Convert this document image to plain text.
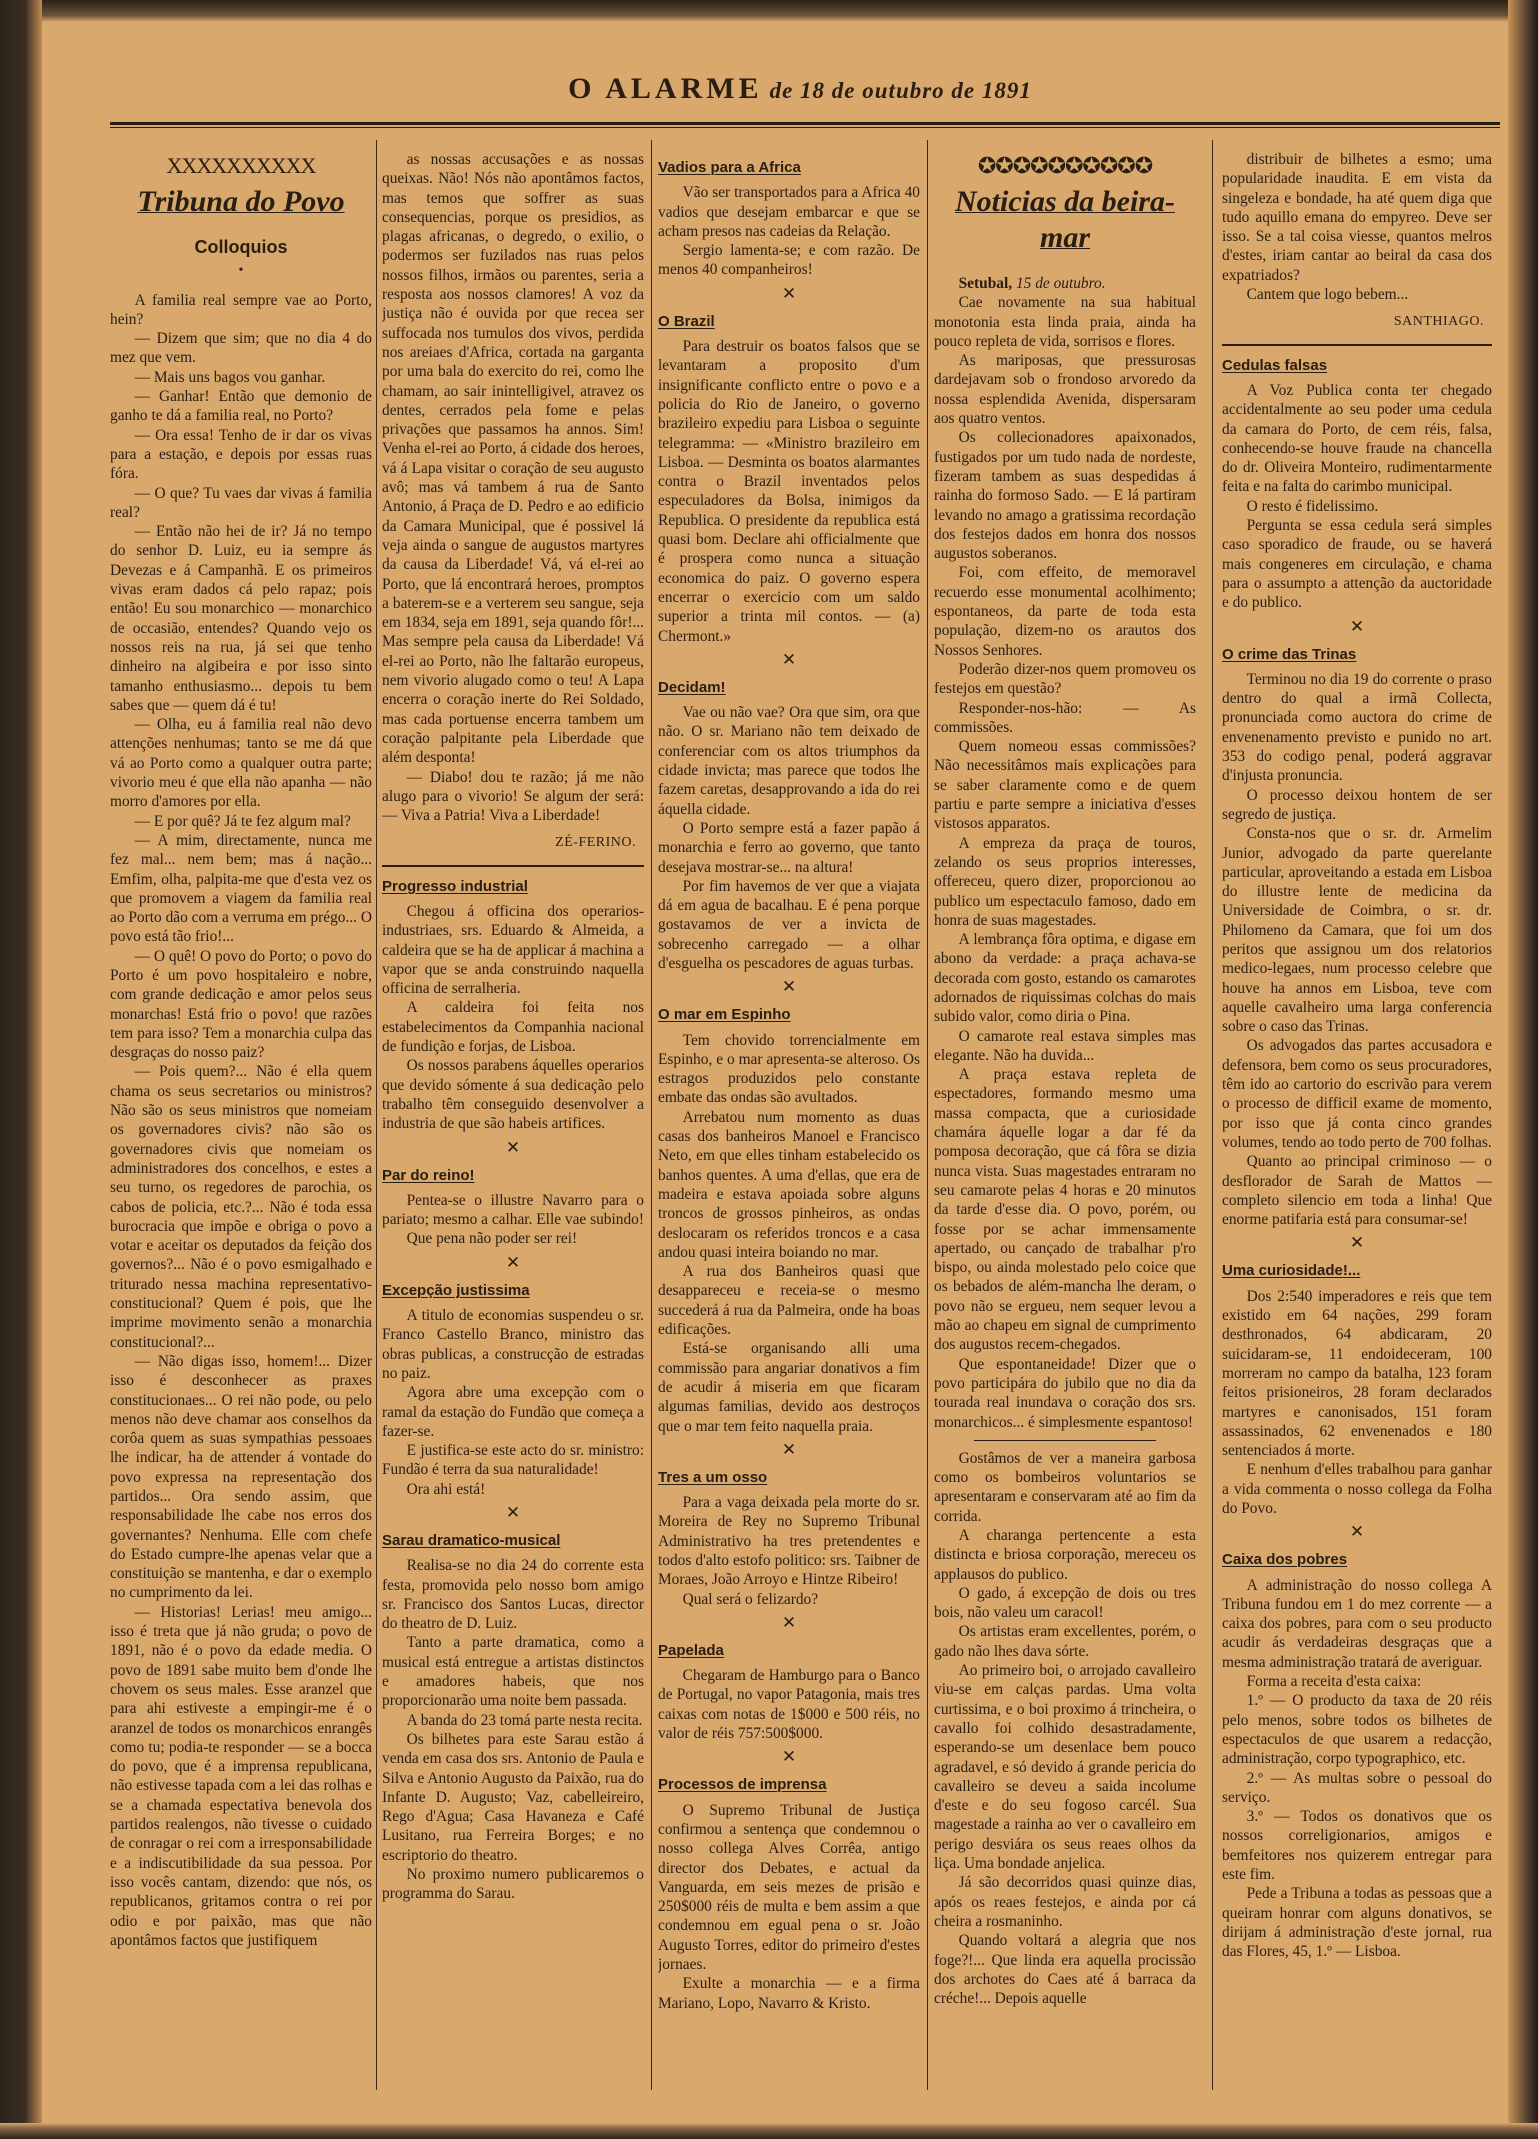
O ALARME de 18 de outubro de 1891
XXXXXXXXXX
Tribuna do Povo
Colloquios
•

A familia real sempre vae ao Porto, hein?

— Dizem que sim; que no dia 4 do mez que vem.

— Mais uns bagos vou ganhar.

— Ganhar! Então que demonio de ganho te dá a familia real, no Porto?

— Ora essa! Tenho de ir dar os vivas para a estação, e depois por essas ruas fóra.

— O que? Tu vaes dar vivas á familia real?

— Então não hei de ir? Já no tempo do senhor D. Luiz, eu ia sempre ás Devezas e á Campanhã. E os primeiros vivas eram dados cá pelo rapaz; pois então! Eu sou monarchico — monarchico de occasião, entendes? Quando vejo os nossos reis na rua, já sei que tenho dinheiro na algibeira e por isso sinto tamanho enthusiasmo... depois tu bem sabes que — quem dá é tu!

— Olha, eu á familia real não devo attenções nenhumas; tanto se me dá que vá ao Porto como a qualquer outra parte; vivorio meu é que ella não apanha — não morro d'amores por ella.

— E por quê? Já te fez algum mal?

— A mim, directamente, nunca me fez mal... nem bem; mas á nação... Emfim, olha, palpita-me que d'esta vez os que promovem a viagem da familia real ao Porto dão com a verruma em prégo... O povo está tão frio!...

— O quê! O povo do Porto; o povo do Porto é um povo hospitaleiro e nobre, com grande dedicação e amor pelos seus monarchas! Está frio o povo! que razões tem para isso? Tem a monarchia culpa das desgraças do nosso paiz?

— Pois quem?... Não é ella quem chama os seus secretarios ou ministros? Não são os seus ministros que nomeiam os governadores civis? não são os governadores civis que nomeiam os administradores dos concelhos, e estes a seu turno, os regedores de parochia, os cabos de policia, etc.?... Não é toda essa burocracia que impõe e obriga o povo a votar e aceitar os deputados da feição dos governos?... Não é o povo esmigalhado e triturado nessa machina representativo-constitucional? Quem é pois, que lhe imprime movimento senão a monarchia constitucional?...

— Não digas isso, homem!... Dizer isso é desconhecer as praxes constitucionaes... O rei não pode, ou pelo menos não deve chamar aos conselhos da corôa quem as suas sympathias pessoaes lhe indicar, ha de attender á vontade do povo expressa na representação dos partidos... Ora sendo assim, que responsabilidade lhe cabe nos erros dos governantes? Nenhuma. Elle com chefe do Estado cumpre-lhe apenas velar que a constituição se mantenha, e dar o exemplo no cumprimento da lei.

— Historias! Lerias! meu amigo... isso é treta que já não gruda; o povo de 1891, não é o povo da edade media. O povo de 1891 sabe muito bem d'onde lhe chovem os seus males. Esse aranzel que para ahi estiveste a empingir-me é o aranzel de todos os monarchicos enrangês como tu; podia-te responder — se a bocca do povo, que é a imprensa republicana, não estivesse tapada com a lei das rolhas e se a chamada espectativa benevola dos partidos realengos, não tivesse o cuidado de conragar o rei com a irresponsabilidade e a indiscutibilidade da sua pessoa. Por isso vocês cantam, dizendo: que nós, os republicanos, gritamos contra o rei por odio e por paixão, mas que não apontâmos factos que justifiquem

as nossas accusações e as nossas queixas. Não! Nós não apontâmos factos, mas temos que soffrer as suas consequencias, porque os presidios, as plagas africanas, o degredo, o exilio, o podermos ser fuzilados nas ruas pelos nossos filhos, irmãos ou parentes, seria a resposta aos nossos clamores! A voz da justiça não é ouvida por que recea ser suffocada nos tumulos dos vivos, perdida nos areiaes d'Africa, cortada na garganta por uma bala do exercito do rei, como lhe chamam, ao sair inintelligivel, atravez os dentes, cerrados pela fome e pelas privações que passamos ha annos. Sim! Venha el-rei ao Porto, á cidade dos heroes, vá á Lapa visitar o coração de seu augusto avô; mas vá tambem á rua de Santo Antonio, á Praça de D. Pedro e ao edificio da Camara Municipal, que é possivel lá veja ainda o sangue de augustos martyres da causa da Liberdade! Vá, vá el-rei ao Porto, que lá encontrará heroes, promptos a baterem-se e a verterem seu sangue, seja em 1834, seja em 1891, seja quando fôr!... Mas sempre pela causa da Liberdade! Vá el-rei ao Porto, não lhe faltarão europeus, nem vivorio alugado como o teu! A Lapa encerra o coração inerte do Rei Soldado, mas cada portuense encerra tambem um coração palpitante pela Liberdade que além desponta!

— Diabo! dou te razão; já me não alugo para o vivorio! Se algum der será: — Viva a Patria! Viva a Liberdade!

ZÉ-FERINO.
Progresso industrial

Chegou á officina dos operarios-industriaes, srs. Eduardo & Almeida, a caldeira que se ha de applicar á machina a vapor que se anda construindo naquella officina de serralheria.

A caldeira foi feita nos estabelecimentos da Companhia nacional de fundição e forjas, de Lisboa.

Os nossos parabens áquelles operarios que devido sómente á sua dedicação pelo trabalho têm conseguido desenvolver a industria de que são habeis artifices.

✕
Par do reino!

Pentea-se o illustre Navarro para o pariato; mesmo a calhar. Elle vae subindo!

Que pena não poder ser rei!

✕
Excepção justissima

A titulo de economias suspendeu o sr. Franco Castello Branco, ministro das obras publicas, a construcção de estradas no paiz.

Agora abre uma excepção com o ramal da estação do Fundão que começa a fazer-se.

E justifica-se este acto do sr. ministro: Fundão é terra da sua naturalidade!

Ora ahi está!

✕
Sarau dramatico-musical

Realisa-se no dia 24 do corrente esta festa, promovida pelo nosso bom amigo sr. Francisco dos Santos Lucas, director do theatro de D. Luiz.

Tanto a parte dramatica, como a musical está entregue a artistas distinctos e amadores habeis, que nos proporcionarão uma noite bem passada.

A banda do 23 tomá parte nesta recita.

Os bilhetes para este Sarau estão á venda em casa dos srs. Antonio de Paula e Silva e Antonio Augusto da Paixão, rua do Infante D. Augusto; Vaz, cabelleireiro, Rego d'Agua; Casa Havaneza e Café Lusitano, rua Ferreira Borges; e no escriptorio do theatro.

No proximo numero publicaremos o programma do Sarau.

Vadios para a Africa

Vão ser transportados para a Africa 40 vadios que desejam embarcar e que se acham presos nas cadeias da Relação.

Sergio lamenta-se; e com razão. De menos 40 companheiros!

✕
O Brazil

Para destruir os boatos falsos que se levantaram a proposito d'um insignificante conflicto entre o povo e a policia do Rio de Janeiro, o governo brazileiro expediu para Lisboa o seguinte telegramma: — «Ministro brazileiro em Lisboa. — Desminta os boatos alarmantes contra o Brazil inventados pelos especuladores da Bolsa, inimigos da Republica. O presidente da republica está quasi bom. Declare ahi officialmente que é prospera como nunca a situação economica do paiz. O governo espera encerrar o exercicio com um saldo superior a trinta mil contos. — (a) Chermont.»

✕
Decidam!

Vae ou não vae? Ora que sim, ora que não. O sr. Mariano não tem deixado de conferenciar com os altos triumphos da cidade invicta; mas parece que todos lhe fazem caretas, desapprovando a ida do rei áquella cidade.

O Porto sempre está a fazer papão á monarchia e ferro ao governo, que tanto desejava mostrar-se... na altura!

Por fim havemos de ver que a viajata dá em agua de bacalhau. E é pena porque gostavamos de ver a invicta de sobrecenho carregado — a olhar d'esguelha os pescadores de aguas turbas.

✕
O mar em Espinho

Tem chovido torrencialmente em Espinho, e o mar apresenta-se alteroso. Os estragos produzidos pelo constante embate das ondas são avultados.

Arrebatou num momento as duas casas dos banheiros Manoel e Francisco Neto, em que elles tinham estabelecido os banhos quentes. A uma d'ellas, que era de madeira e estava apoiada sobre alguns troncos de grossos pinheiros, as ondas deslocaram os referidos troncos e a casa andou quasi inteira boiando no mar.

A rua dos Banheiros quasi que desappareceu e receia-se o mesmo succederá á rua da Palmeira, onde ha boas edificações.

Está-se organisando alli uma commissão para angariar donativos a fim de acudir á miseria em que ficaram algumas familias, devido aos destroços que o mar tem feito naquella praia.

✕
Tres a um osso

Para a vaga deixada pela morte do sr. Moreira de Rey no Supremo Tribunal Administrativo ha tres pretendentes e todos d'alto estofo politico: srs. Taibner de Moraes, João Arroyo e Hintze Ribeiro!

Qual será o felizardo?

✕
Papelada

Chegaram de Hamburgo para o Banco de Portugal, no vapor Patagonia, mais tres caixas com notas de 1$000 e 500 réis, no valor de réis 757:500$000.

✕
Processos de imprensa

O Supremo Tribunal de Justiça confirmou a sentença que condemnou o nosso collega Alves Corrêa, antigo director dos Debates, e actual da Vanguarda, em seis mezes de prisão e 250$000 réis de multa e bem assim a que condemnou em egual pena o sr. João Augusto Torres, editor do primeiro d'estes jornaes.

Exulte a monarchia — e a firma Mariano, Lopo, Navarro & Kristo.

✪✪✪✪✪✪✪✪✪✪
Noticias da beira-mar

Setubal, 15 de outubro.

Cae novamente na sua habitual monotonia esta linda praia, ainda ha pouco repleta de vida, sorrisos e flores.

As mariposas, que pressurosas dardejavam sob o frondoso arvoredo da nossa esplendida Avenida, dispersaram aos quatro ventos.

Os collecionadores apaixonados, fustigados por um tudo nada de nordeste, fizeram tambem as suas despedidas á rainha do formoso Sado. — E lá partiram levando no amago a gratissima recordação dos festejos dados em honra dos nossos augustos soberanos.

Foi, com effeito, de memoravel recuerdo esse monumental acolhimento; espontaneos, da parte de toda esta população, dizem-no os arautos dos Nossos Senhores.

Poderão dizer-nos quem promoveu os festejos em questão?

Responder-nos-hão: — As commissões.

Quem nomeou essas commissões? Não necessitâmos mais explicações para se saber claramente como e de quem partiu e parte sempre a iniciativa d'esses vistosos apparatos.

A empreza da praça de touros, zelando os seus proprios interesses, offereceu, quero dizer, proporcionou ao publico um espectaculo famoso, dado em honra de suas magestades.

A lembrança fôra optima, e digase em abono da verdade: a praça achava-se decorada com gosto, estando os camarotes adornados de riquissimas colchas do mais subido valor, como diria o Pina.

O camarote real estava simples mas elegante. Não ha duvida...

A praça estava repleta de espectadores, formando mesmo uma massa compacta, que a curiosidade chamára áquelle logar a dar fé da pomposa decoração, que cá fôra se dizia nunca vista. Suas magestades entraram no seu camarote pelas 4 horas e 20 minutos da tarde d'esse dia. O povo, porém, ou fosse por se achar immensamente apertado, ou cançado de trabalhar p'ro bispo, ou ainda molestado pelo coice que os bebados de além-mancha lhe deram, o povo não se ergueu, nem sequer levou a mão ao chapeu em signal de cumprimento dos augustos recem-chegados.

Que espontaneidade! Dizer que o povo participára do jubilo que no dia da tourada real inundava o coração dos srs. monarchicos... é simplesmente espantoso!

Gostâmos de ver a maneira garbosa como os bombeiros voluntarios se apresentaram e conservaram até ao fim da corrida.

A charanga pertencente a esta distincta e briosa corporação, mereceu os applausos do publico.

O gado, á excepção de dois ou tres bois, não valeu um caracol!

Os artistas eram excellentes, porém, o gado não lhes dava sórte.

Ao primeiro boi, o arrojado cavalleiro viu-se em calças pardas. Uma volta curtissima, e o boi proximo á trincheira, o cavallo foi colhido desastradamente, esperando-se um desenlace bem pouco agradavel, e só devido á grande pericia do cavalleiro se deveu a saida incolume d'este e do seu fogoso carcél. Sua magestade a rainha ao ver o cavalleiro em perigo desviára os seus reaes olhos da liça. Uma bondade anjelica.

Já são decorridos quasi quinze dias, após os reaes festejos, e ainda por cá cheira a rosmaninho.

Quando voltará a alegria que nos foge?!... Que linda era aquella procissão dos archotes do Caes até á barraca da créche!... Depois aquelle

distribuir de bilhetes a esmo; uma popularidade inaudita. E em vista da singeleza e bondade, ha até quem diga que tudo aquillo emana do empyreo. Deve ser isso. Se a tal coisa viesse, quantos melros d'estes, iriam cantar ao beiral da casa dos expatriados?

Cantem que logo bebem...

SANTHIAGO.
Cedulas falsas

A Voz Publica conta ter chegado accidentalmente ao seu poder uma cedula da camara do Porto, de cem réis, falsa, conhecendo-se houve fraude na chancella do dr. Oliveira Monteiro, rudimentarmente feita e na falta do carimbo municipal.

O resto é fidelissimo.

Pergunta se essa cedula será simples caso sporadico de fraude, ou se haverá mais congeneres em circulação, e chama para o assumpto a attenção da auctoridade e do publico.

✕
O crime das Trinas

Terminou no dia 19 do corrente o praso dentro do qual a irmã Collecta, pronunciada como auctora do crime de envenenamento previsto e punido no art. 353 do codigo penal, poderá aggravar d'injusta pronuncia.

O processo deixou hontem de ser segredo de justiça.

Consta-nos que o sr. dr. Armelim Junior, advogado da parte querelante particular, aproveitando a estada em Lisboa do illustre lente de medicina da Universidade de Coimbra, o sr. dr. Philomeno da Camara, que foi um dos peritos que assignou um dos relatorios medico-legaes, num processo celebre que houve ha annos em Lisboa, teve com aquelle cavalheiro uma larga conferencia sobre o caso das Trinas.

Os advogados das partes accusadora e defensora, bem como os seus procuradores, têm ido ao cartorio do escrivão para verem o processo de difficil exame de momento, por isso que já conta cinco grandes volumes, tendo ao todo perto de 700 folhas.

Quanto ao principal criminoso — o desflorador de Sarah de Mattos — completo silencio em toda a linha! Que enorme patifaria está para consumar-se!

✕
Uma curiosidade!...

Dos 2:540 imperadores e reis que tem existido em 64 nações, 299 foram desthronados, 64 abdicaram, 20 suicidaram-se, 11 endoideceram, 100 morreram no campo da batalha, 123 foram feitos prisioneiros, 28 foram declarados martyres e canonisados, 151 foram assassinados, 62 envenenados e 180 sentenciados á morte.

E nenhum d'elles trabalhou para ganhar a vida commenta o nosso collega da Folha do Povo.

✕
Caixa dos pobres

A administração do nosso collega A Tribuna fundou em 1 do mez corrente — a caixa dos pobres, para com o seu producto acudir ás verdadeiras desgraças que a mesma administração tratará de averiguar.

Forma a receita d'esta caixa:

1.º — O producto da taxa de 20 réis pelo menos, sobre todos os bilhetes de espectaculos de que usarem a redacção, administração, corpo typographico, etc.

2.º — As multas sobre o pessoal do serviço.

3.º — Todos os donativos que os nossos correligionarios, amigos e bemfeitores nos quizerem entregar para este fim.

Pede a Tribuna a todas as pessoas que a queiram honrar com alguns donativos, se dirijam á administração d'este jornal, rua das Flores, 45, 1.º — Lisboa.
